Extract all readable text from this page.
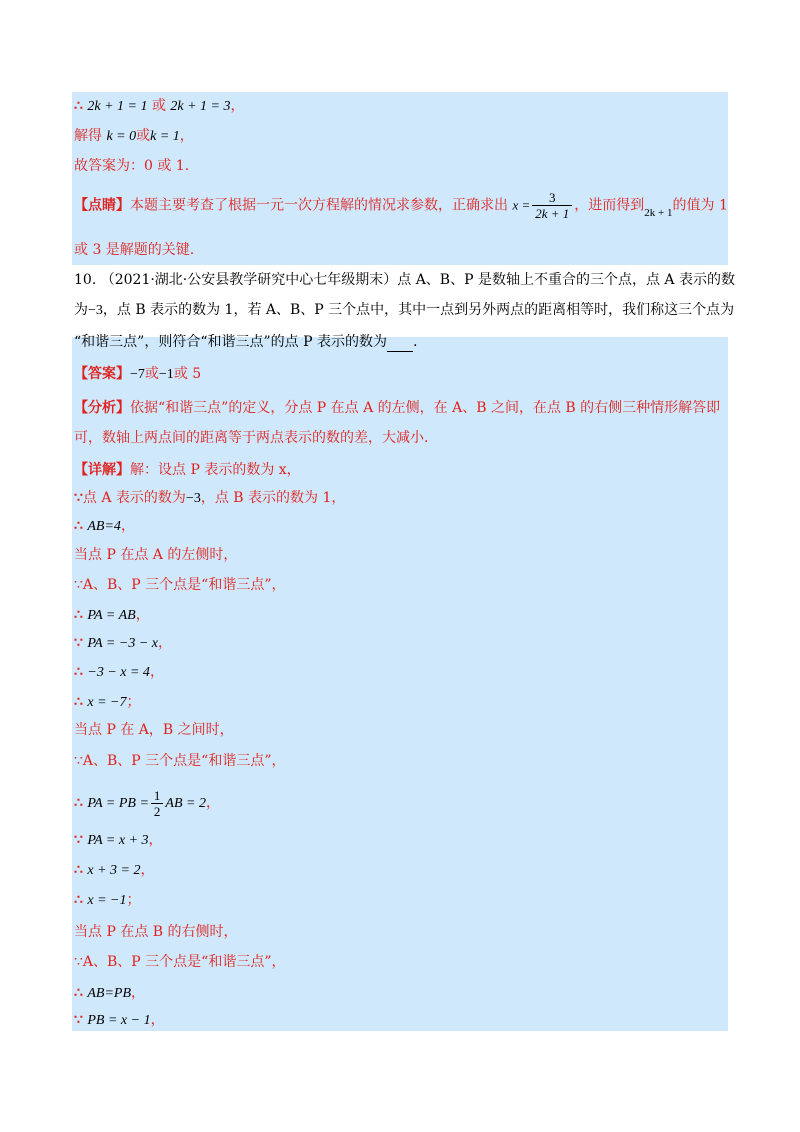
∴ 2k + 1 = 1 或 2k + 1 = 3，
解得 k = 0或k = 1，
故答案为：0 或 1.
【点睛】本题主要考查了根据一元一次方程解的情况求参数，正确求出 $x = \frac{3}{2k + 1}$ ，进而得到$_{2k + 1}$的值为 1
或 3 是解题的关键.
10. （2021·湖北·公安县教学研究中心七年级期末）点 A、B、P 是数轴上不重合的三个点，点 A 表示的数
为−3，点 B 表示的数为 1，若 A、B、P 三个点中，其中一点到另外两点的距离相等时，我们称这三个点为
“和谐三点”，则符合“和谐三点”的点 P 表示的数为 .
【答案】−7或−1或 5
【分析】依据“和谐三点”的定义，分点 P 在点 A 的左侧，在 A、B 之间，在点 B 的右侧三种情形解答即
可，数轴上两点间的距离等于两点表示的数的差，大减小.
【详解】解：设点 P 表示的数为 x，
∵点 A 表示的数为−3，点 B 表示的数为 1，
∴ AB=4，
当点 P 在点 A 的左侧时，
∵A、B、P 三个点是“和谐三点”，
∴ PA = AB，
∵ PA = −3 − x，
∴ −3 − x = 4，
∴ x = −7；
当点 P 在 A，B 之间时，
∵A、B、P 三个点是“和谐三点”，
∴ PA = PB = $\frac{1}{2}$ AB = 2，
∵ PA = x + 3，
∴ x + 3 = 2，
∴ x = −1；
当点 P 在点 B 的右侧时，
∵A、B、P 三个点是“和谐三点”，
∴ AB=PB，
∵ PB = x − 1，
